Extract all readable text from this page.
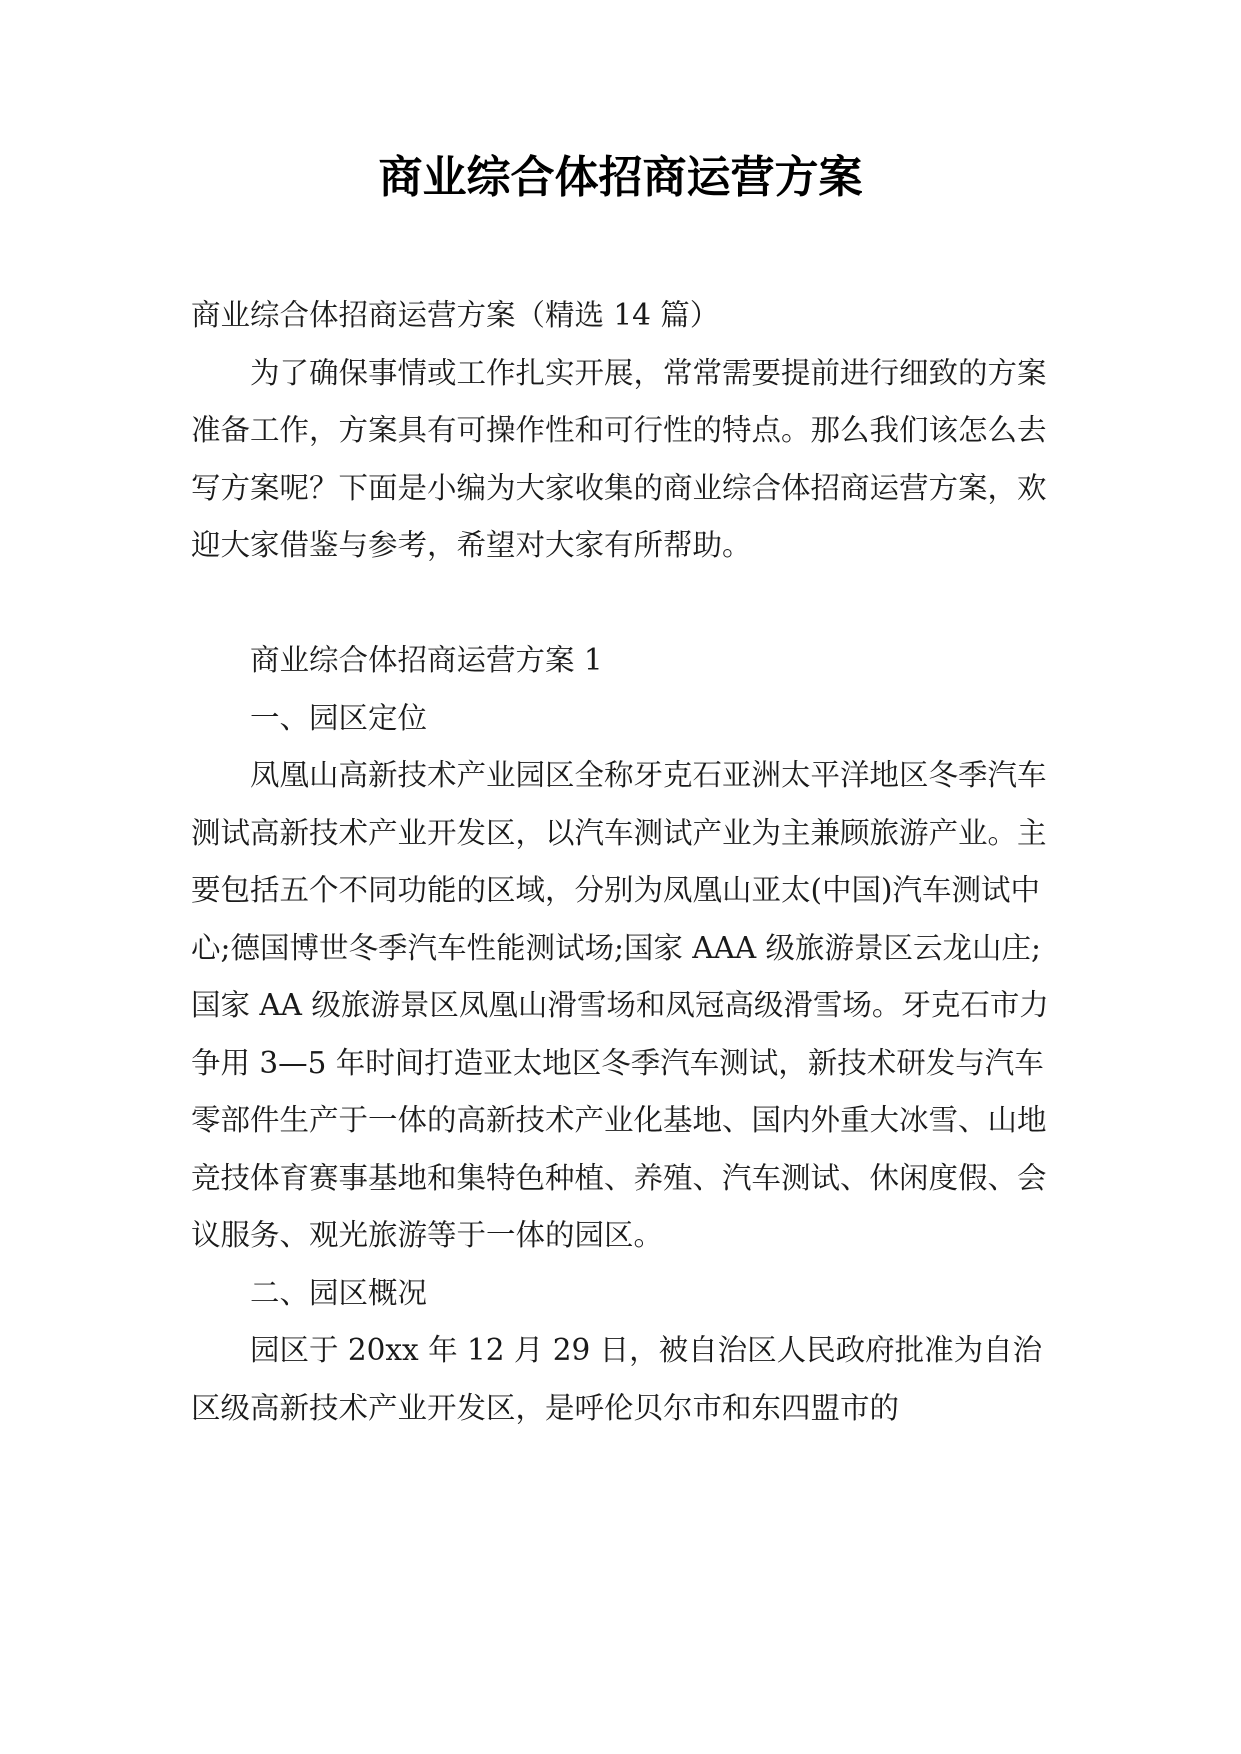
商业综合体招商运营方案

商业综合体招商运营方案（精选 14 篇）

为了确保事情或工作扎实开展，常常需要提前进行细致的方案准备工作，方案具有可操作性和可行性的特点。那么我们该怎么去写方案呢？下面是小编为大家收集的商业综合体招商运营方案，欢迎大家借鉴与参考，希望对大家有所帮助。

商业综合体招商运营方案 1

一、园区定位

凤凰山高新技术产业园区全称牙克石亚洲太平洋地区冬季汽车测试高新技术产业开发区，以汽车测试产业为主兼顾旅游产业。主要包括五个不同功能的区域，分别为凤凰山亚太(中国)汽车测试中心;德国博世冬季汽车性能测试场;国家 AAA 级旅游景区云龙山庄;国家 AA 级旅游景区凤凰山滑雪场和凤冠高级滑雪场。牙克石市力争用 3—5 年时间打造亚太地区冬季汽车测试，新技术研发与汽车零部件生产于一体的高新技术产业化基地、国内外重大冰雪、山地竞技体育赛事基地和集特色种植、养殖、汽车测试、休闲度假、会议服务、观光旅游等于一体的园区。

二、园区概况

园区于 20xx 年 12 月 29 日，被自治区人民政府批准为自治区级高新技术产业开发区，是呼伦贝尔市和东四盟市的
